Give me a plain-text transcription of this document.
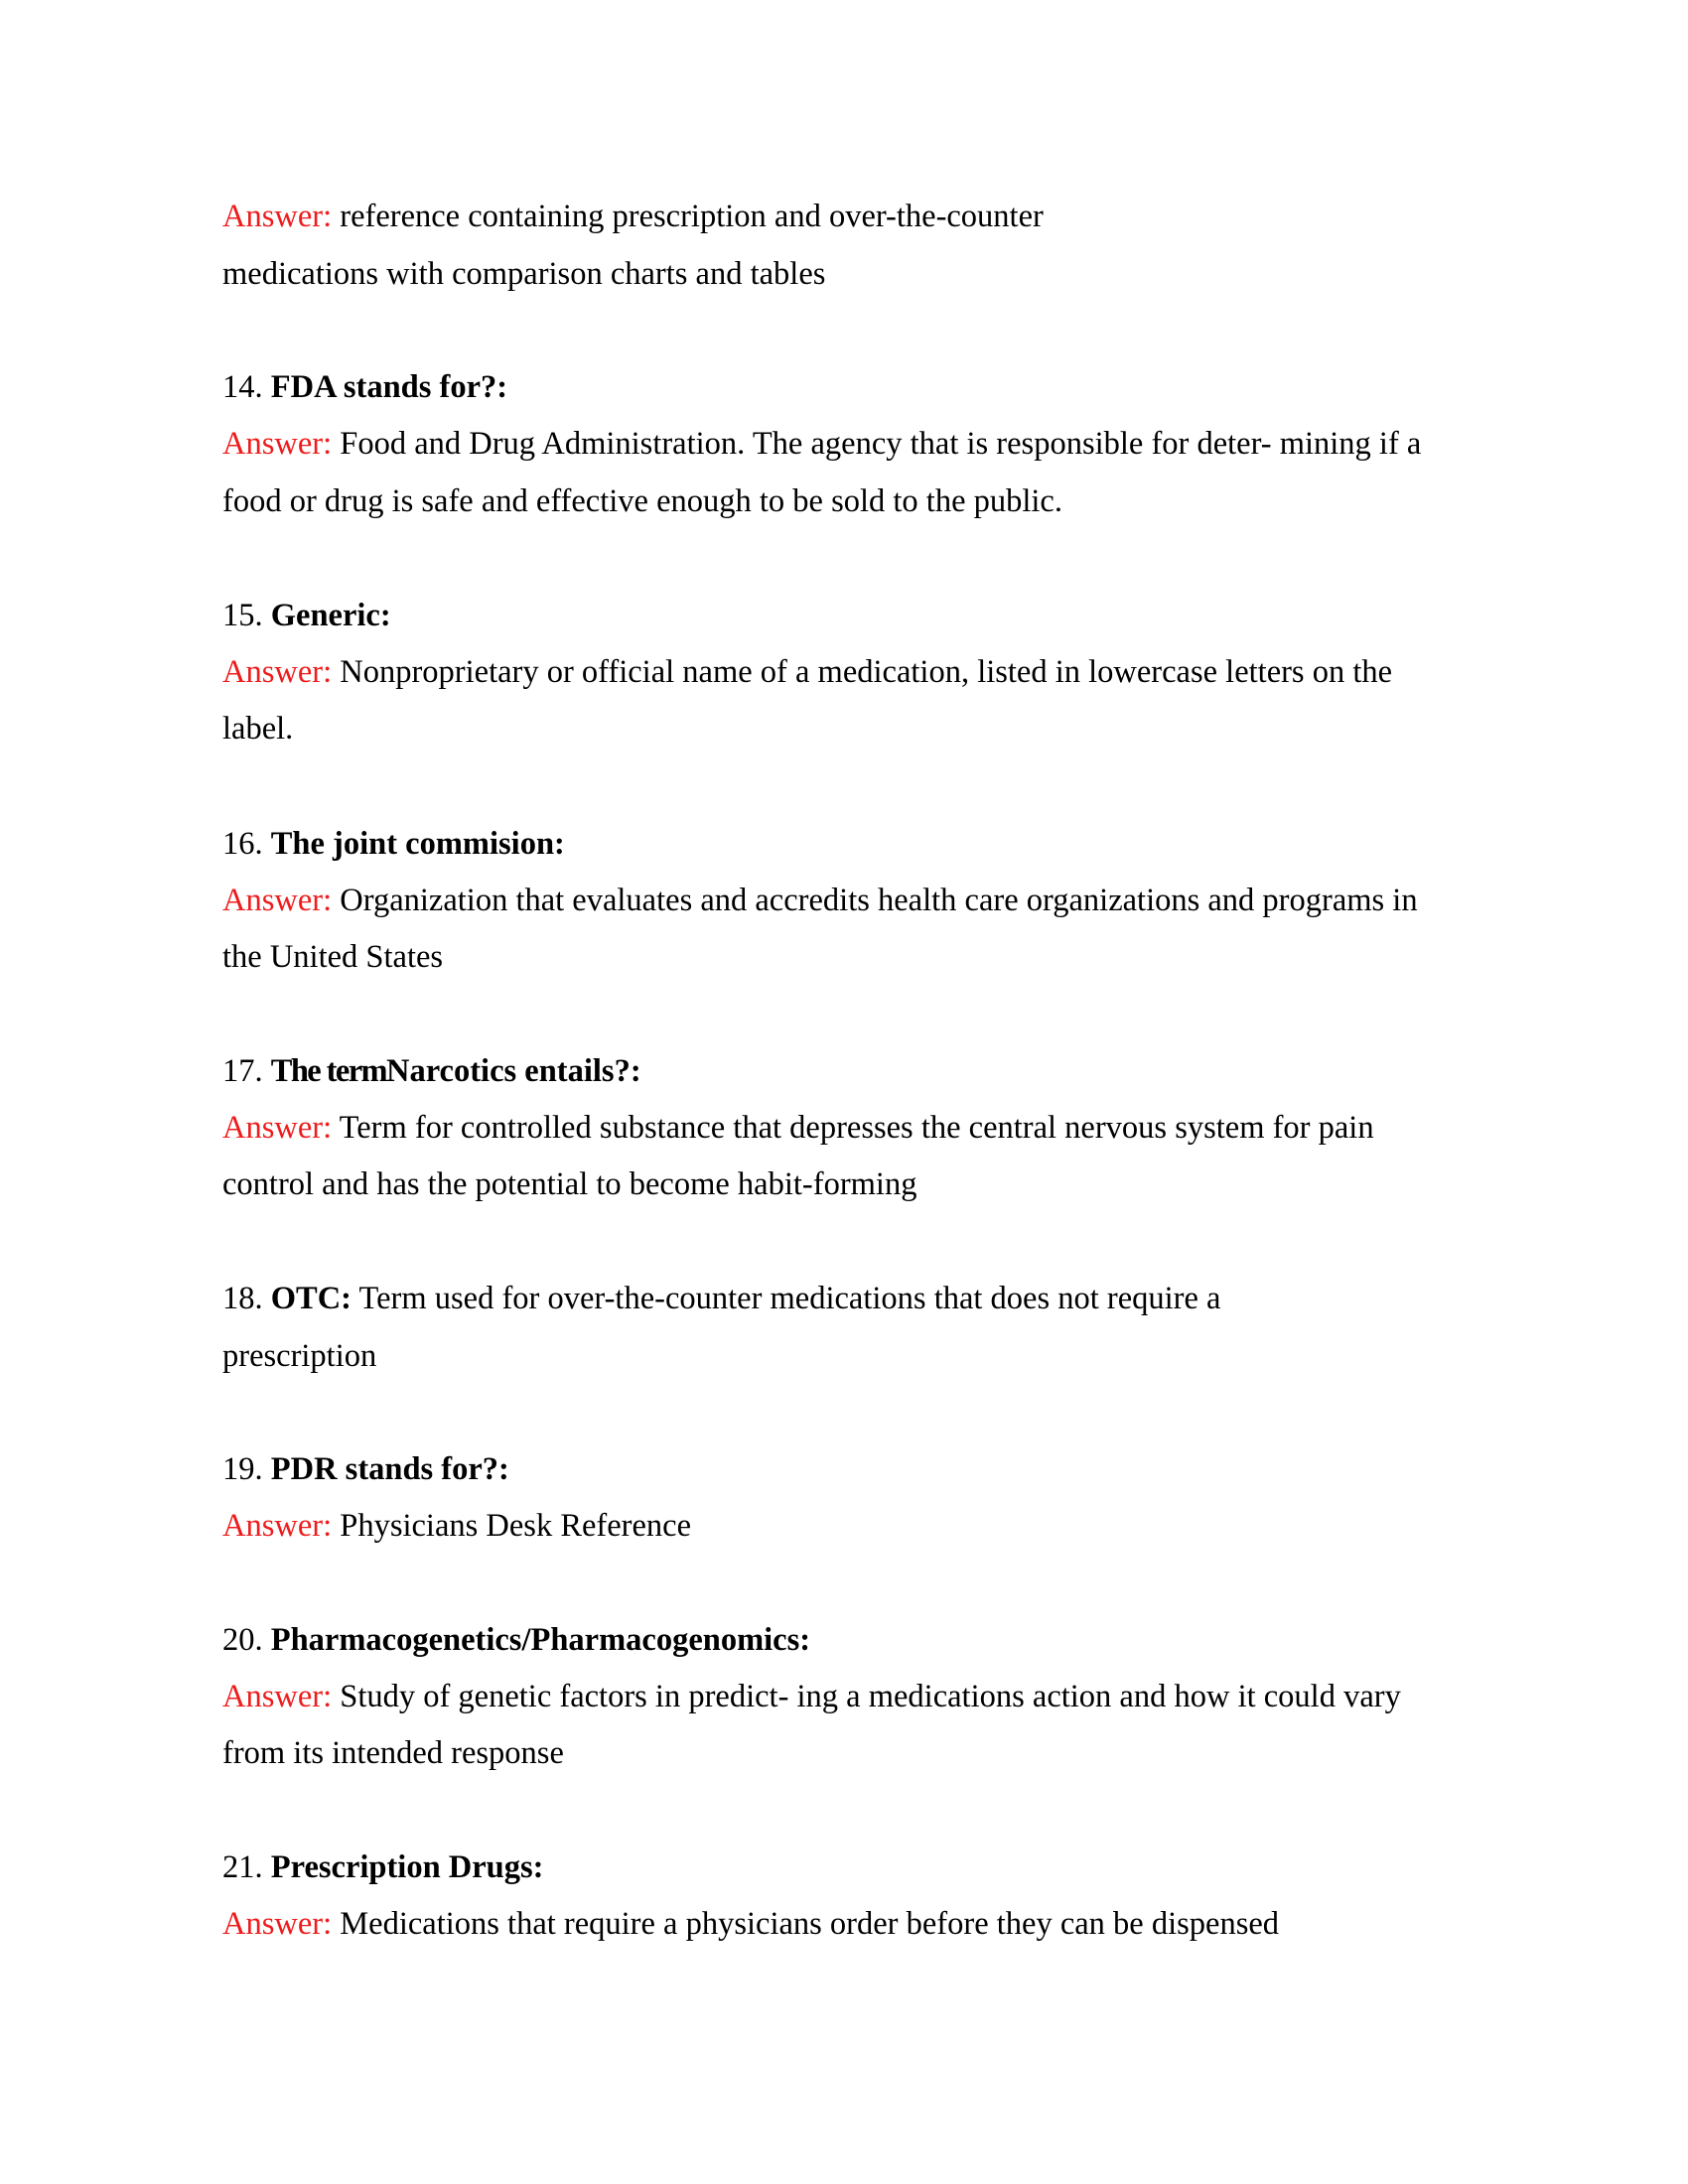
Answer: reference containing prescription and over-the-counter
medications with comparison charts and tables
14. FDA stands for?:
Answer: Food and Drug Administration. The agency that is responsible for deter- mining if a
food or drug is safe and effective enough to be sold to the public.
15. Generic:
Answer: Nonproprietary or official name of a medication, listed in lowercase letters on the
label.
16. The joint commision:
Answer: Organization that evaluates and accredits health care organizations and programs in
the United States
17. The termNarcotics entails?:
Answer: Term for controlled substance that depresses the central nervous system for pain
control and has the potential to become habit-forming
18. OTC: Term used for over-the-counter medications that does not require a
prescription
19. PDR stands for?:
Answer: Physicians Desk Reference
20. Pharmacogenetics/Pharmacogenomics:
Answer: Study of genetic factors in predict- ing a medications action and how it could vary
from its intended response
21. Prescription Drugs:
Answer: Medications that require a physicians order before they can be dispensed
